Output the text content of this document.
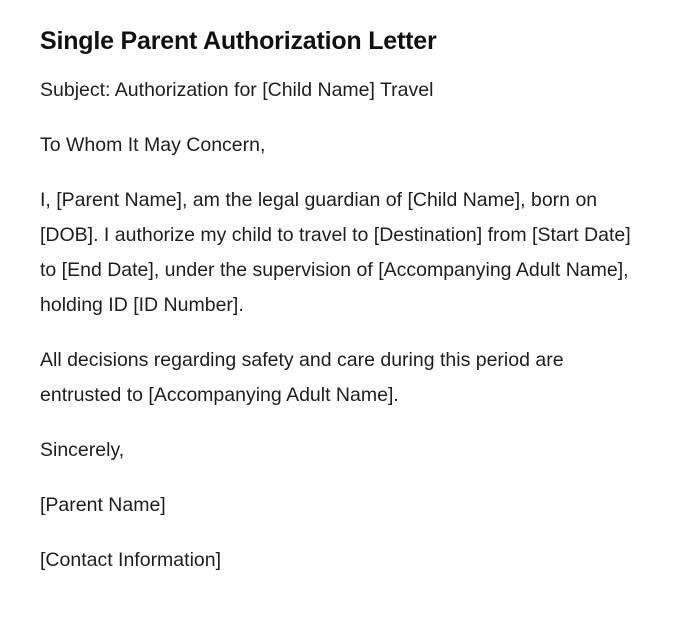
Single Parent Authorization Letter

Subject: Authorization for [Child Name] Travel

To Whom It May Concern,

I, [Parent Name], am the legal guardian of [Child Name], born on [DOB]. I authorize my child to travel to [Destination] from [Start Date] to [End Date], under the supervision of [Accompanying Adult Name], holding ID [ID Number].

All decisions regarding safety and care during this period are entrusted to [Accompanying Adult Name].

Sincerely,

[Parent Name]

[Contact Information]
